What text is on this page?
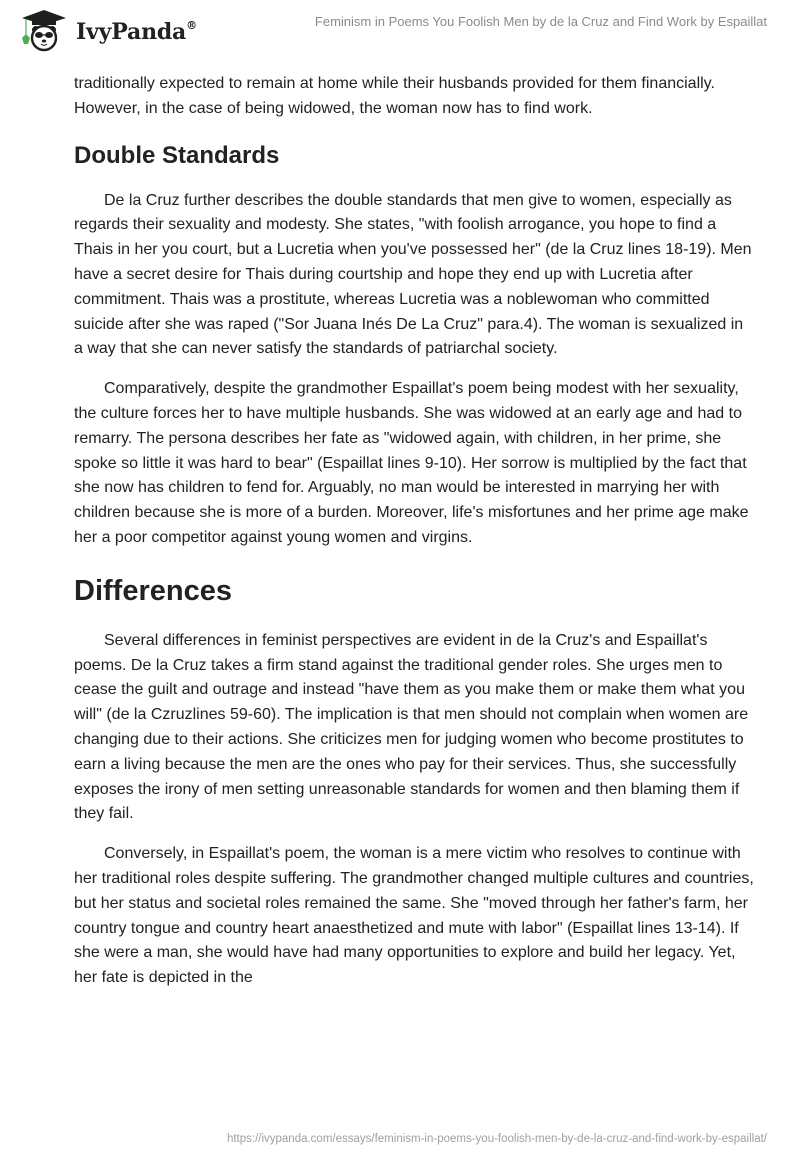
IvyPanda®	Feminism in Poems You Foolish Men by de la Cruz and Find Work by Espaillat

traditionally expected to remain at home while their husbands provided for them financially. However, in the case of being widowed, the woman now has to find work.

Double Standards

De la Cruz further describes the double standards that men give to women, especially as regards their sexuality and modesty. She states, "with foolish arrogance, you hope to find a Thais in her you court, but a Lucretia when you've possessed her" (de la Cruz lines 18-19). Men have a secret desire for Thais during courtship and hope they end up with Lucretia after commitment. Thais was a prostitute, whereas Lucretia was a noblewoman who committed suicide after she was raped ("Sor Juana Inés De La Cruz" para.4). The woman is sexualized in a way that she can never satisfy the standards of patriarchal society.

Comparatively, despite the grandmother Espaillat's poem being modest with her sexuality, the culture forces her to have multiple husbands. She was widowed at an early age and had to remarry. The persona describes her fate as "widowed again, with children, in her prime, she spoke so little it was hard to bear" (Espaillat lines 9-10). Her sorrow is multiplied by the fact that she now has children to fend for. Arguably, no man would be interested in marrying her with children because she is more of a burden. Moreover, life's misfortunes and her prime age make her a poor competitor against young women and virgins.

Differences

Several differences in feminist perspectives are evident in de la Cruz's and Espaillat's poems. De la Cruz takes a firm stand against the traditional gender roles. She urges men to cease the guilt and outrage and instead "have them as you make them or make them what you will" (de la Czruzlines 59-60). The implication is that men should not complain when women are changing due to their actions. She criticizes men for judging women who become prostitutes to earn a living because the men are the ones who pay for their services. Thus, she successfully exposes the irony of men setting unreasonable standards for women and then blaming them if they fail.

Conversely, in Espaillat's poem, the woman is a mere victim who resolves to continue with her traditional roles despite suffering. The grandmother changed multiple cultures and countries, but her status and societal roles remained the same. She "moved through her father's farm, her country tongue and country heart anaesthetized and mute with labor" (Espaillat lines 13-14). If she were a man, she would have had many opportunities to explore and build her legacy. Yet, her fate is depicted in the

https://ivypanda.com/essays/feminism-in-poems-you-foolish-men-by-de-la-cruz-and-find-work-by-espaillat/
